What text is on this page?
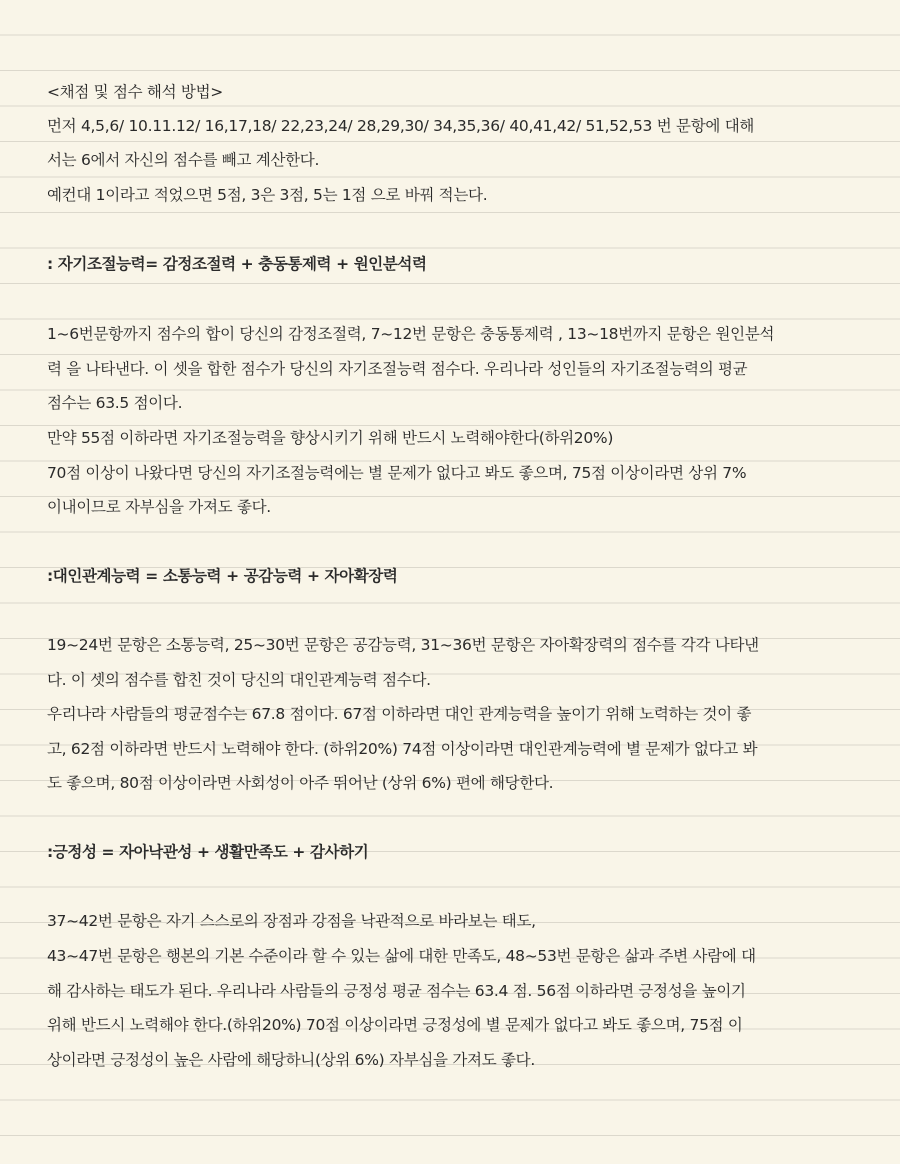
<채점 및 점수 해석 방법>
먼저 4,5,6/ 10.11.12/ 16,17,18/ 22,23,24/ 28,29,30/ 34,35,36/ 40,41,42/ 51,52,53 번 문항에 대해
서는 6에서 자신의 점수를 빼고 계산한다.
예컨대 1이라고 적었으면 5점, 3은 3점, 5는 1점 으로 바꿔 적는다.
: 자기조절능력= 감정조절력 + 충동통제력 + 원인분석력
1~6번문항까지 점수의 합이 당신의 감정조절력, 7~12번 문항은 충동통제력 , 13~18번까지 문항은 원인분석
력 을 나타낸다. 이 셋을 합한 점수가 당신의 자기조절능력 점수다. 우리나라 성인들의 자기조절능력의 평균
점수는 63.5 점이다.
만약 55점 이하라면 자기조절능력을 향상시키기 위해 반드시 노력해야한다(하위20%)
70점 이상이 나왔다면 당신의 자기조절능력에는 별 문제가 없다고 봐도 좋으며, 75점 이상이라면 상위 7%
이내이므로 자부심을 가져도 좋다.
:대인관계능력 = 소통능력 + 공감능력 + 자아확장력
19~24번 문항은 소통능력, 25~30번 문항은 공감능력, 31~36번 문항은 자아확장력의 점수를 각각 나타낸
다. 이 셋의 점수를 합친 것이 당신의 대인관계능력 점수다.
우리나라 사람들의 평균점수는 67.8 점이다. 67점 이하라면 대인 관계능력을 높이기 위해 노력하는 것이 좋
고, 62점 이하라면 반드시 노력해야 한다. (하위20%) 74점 이상이라면 대인관계능력에 별 문제가 없다고 봐
도 좋으며, 80점 이상이라면 사회성이 아주 뛰어난 (상위 6%) 편에 해당한다.
:긍정성 = 자아낙관성 + 생활만족도 + 감사하기
37~42번 문항은 자기 스스로의 장점과 강점을 낙관적으로 바라보는 태도,
43~47번 문항은 행본의 기본 수준이라 할 수 있는 삶에 대한 만족도, 48~53번 문항은 삶과 주변 사람에 대
해 감사하는 태도가 된다. 우리나라 사람들의 긍정성 평균 점수는 63.4 점. 56점 이하라면 긍정성을 높이기
위해 반드시 노력해야 한다.(하위20%) 70점 이상이라면 긍정성에 별 문제가 없다고 봐도 좋으며, 75점 이
상이라면 긍정성이 높은 사람에 해당하니(상위 6%) 자부심을 가져도 좋다.
